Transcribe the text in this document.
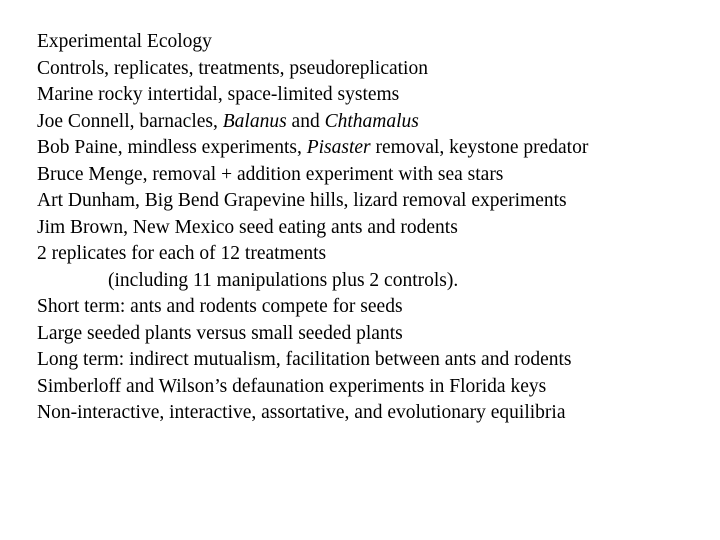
Experimental Ecology
Controls, replicates, treatments, pseudoreplication
Marine rocky intertidal, space-limited systems
Joe Connell, barnacles, Balanus and Chthamalus
Bob Paine, mindless experiments, Pisaster removal, keystone predator
Bruce Menge, removal + addition experiment with sea stars
Art Dunham, Big Bend Grapevine hills, lizard removal experiments
Jim Brown, New Mexico seed eating ants and rodents
2 replicates for each of 12 treatments
(including 11 manipulations plus 2 controls).
Short term: ants and rodents compete for seeds
Large seeded plants versus small seeded plants
Long term: indirect mutualism, facilitation between ants and rodents
Simberloff and Wilson’s defaunation experiments in Florida keys
Non-interactive, interactive, assortative, and evolutionary equilibria
